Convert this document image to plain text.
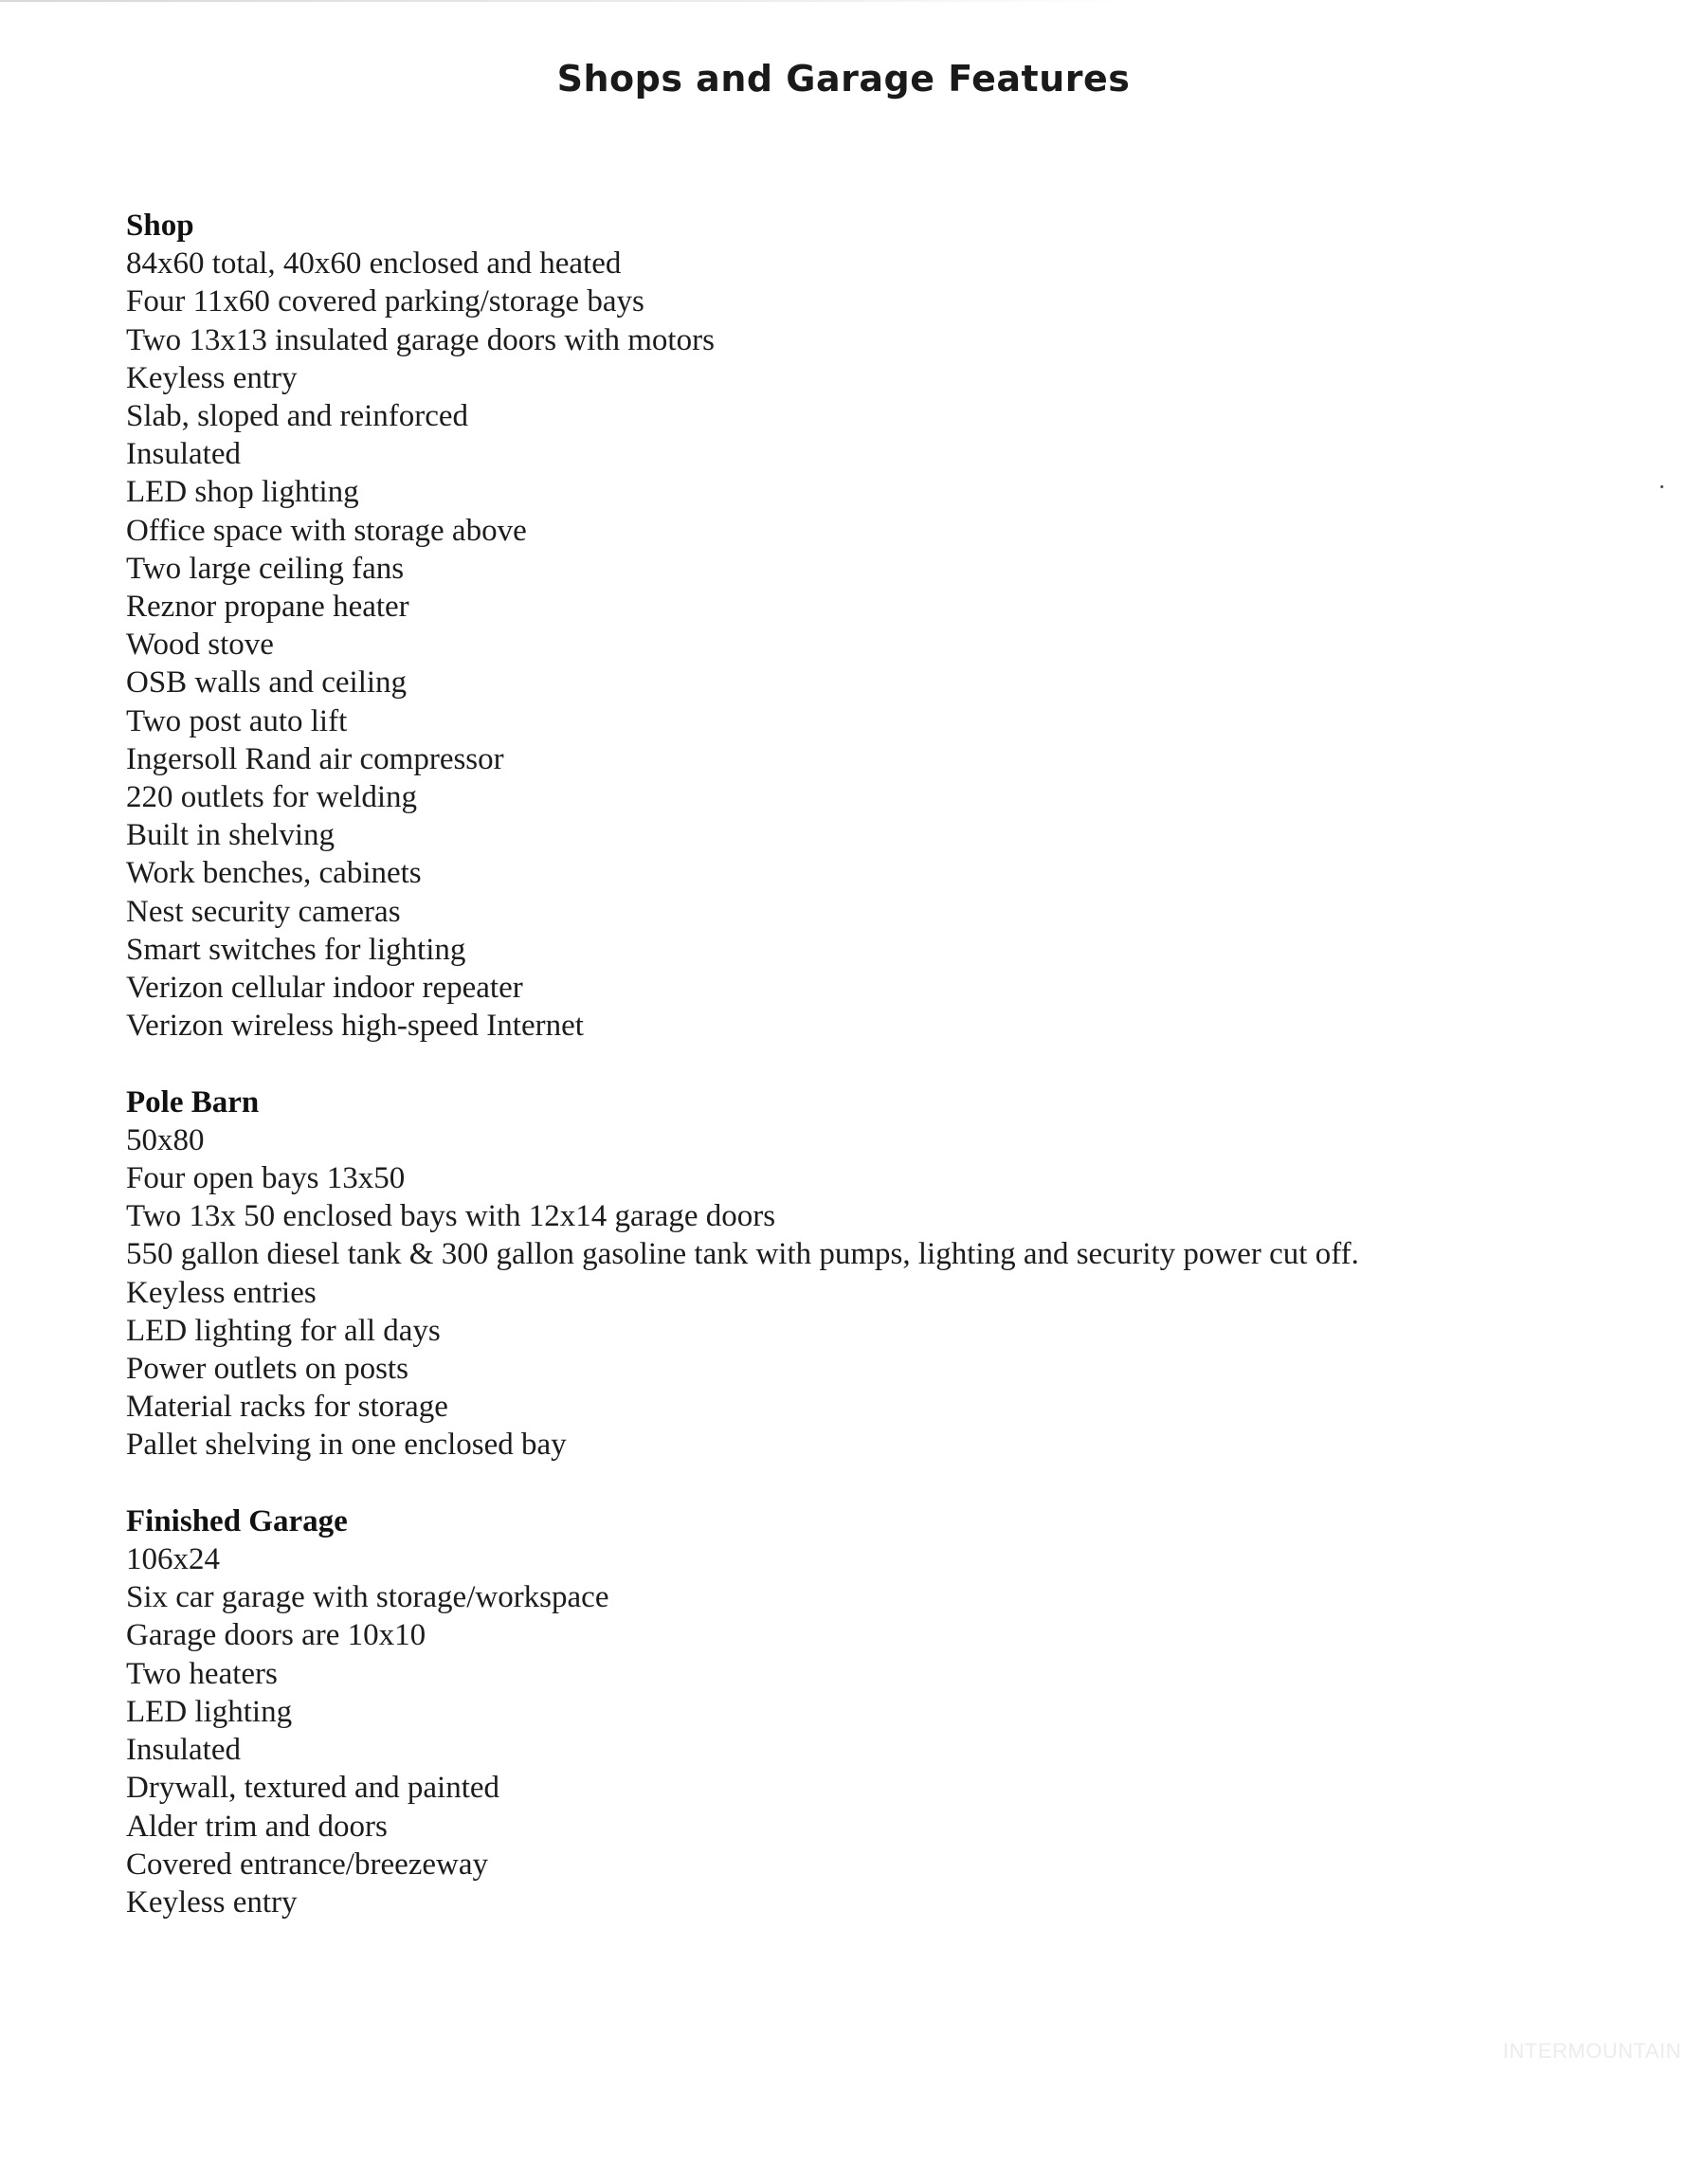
Shops and Garage Features
Shop
84x60 total, 40x60 enclosed and heated
Four 11x60 covered parking/storage bays
Two 13x13 insulated garage doors with motors
Keyless entry
Slab, sloped and reinforced
Insulated
LED shop lighting
Office space with storage above
Two large ceiling fans
Reznor propane heater
Wood stove
OSB walls and ceiling
Two post auto lift
Ingersoll Rand air compressor
220 outlets for welding
Built in shelving
Work benches, cabinets
Nest security cameras
Smart switches for lighting
Verizon cellular indoor repeater
Verizon wireless high-speed Internet
Pole Barn
50x80
Four open bays 13x50
Two 13x 50 enclosed bays with 12x14 garage doors
550 gallon diesel tank & 300 gallon gasoline tank with pumps, lighting and security power cut off.
Keyless entries
LED lighting for all days
Power outlets on posts
Material racks for storage
Pallet shelving in one enclosed bay
Finished Garage
106x24
Six car garage with storage/workspace
Garage doors are 10x10
Two heaters
LED lighting
Insulated
Drywall, textured and painted
Alder trim and doors
Covered entrance/breezeway
Keyless entry
INTERMOUNTAIN
